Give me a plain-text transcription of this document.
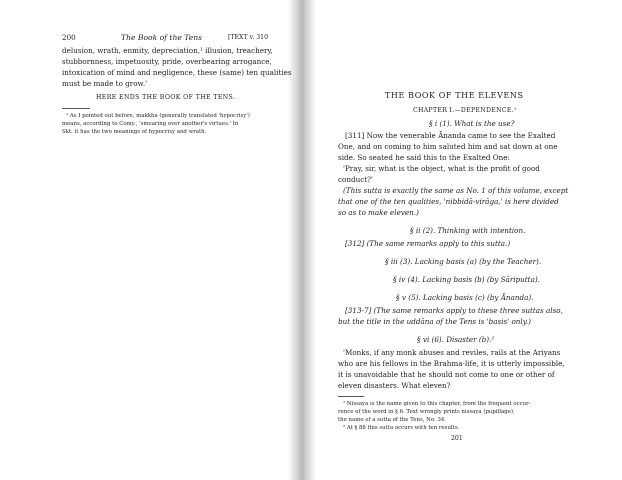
200	The Book of the Tens	[TEXT v. 310
delusion, wrath, enmity, depreciation,¹ illusion, treachery,
stubbornness, impetuosity, pride, overbearing arrogance,
intoxication of mind and negligence, these (same) ten qualities
must be made to grow.'
HERE ENDS THE BOOK OF THE TENS.
¹ As I pointed out before, makkha (generally translated 'hypocrisy')
means, according to Comy., 'smearing over another's virtues.' In
Skt. it has the two meanings of hypocrisy and wrath.
THE BOOK OF THE ELEVENS
CHAPTER I.—DEPENDENCE.¹
§ i (1). What is the use?
[311] Now the venerable Ānanda came to see the Exalted
One, and on coming to him saluted him and sat down at one
side. So seated he said this to the Exalted One:
'Pray, sir, what is the object, what is the profit of good
conduct?'
(This sutta is exactly the same as No. 1 of this volume, except
that one of the ten qualities, 'nibbidā-virāga,' is here divided
so as to make eleven.)
§ ii (2). Thinking with intention.
[312] (The same remarks apply to this sutta.)
§ iii (3). Lacking basis (a) (by the Teacher).
§ iv (4). Lacking basis (b) (by Sāriputta).
§ v (5). Lacking basis (c) (by Ānanda).
[313-7] (The same remarks apply to these three suttas also,
but the title in the uddāna of the Tens is 'basis' only.)
§ vi (6). Disaster (b).²
'Monks, if any monk abuses and reviles, rails at the Ariyans
who are his fellows in the Brahma-life, it is utterly impossible,
it is unavoidable that he should not come to one or other of
eleven disasters. What eleven?
¹ Nissaya is the name given to this chapter, from the frequent occur-
rence of the word in § 6. Text wrongly prints nissaya (pupillage),
the name of a sutta of the Tens, No. 34.
² At § 88 this sutta occurs with ten results.
201
